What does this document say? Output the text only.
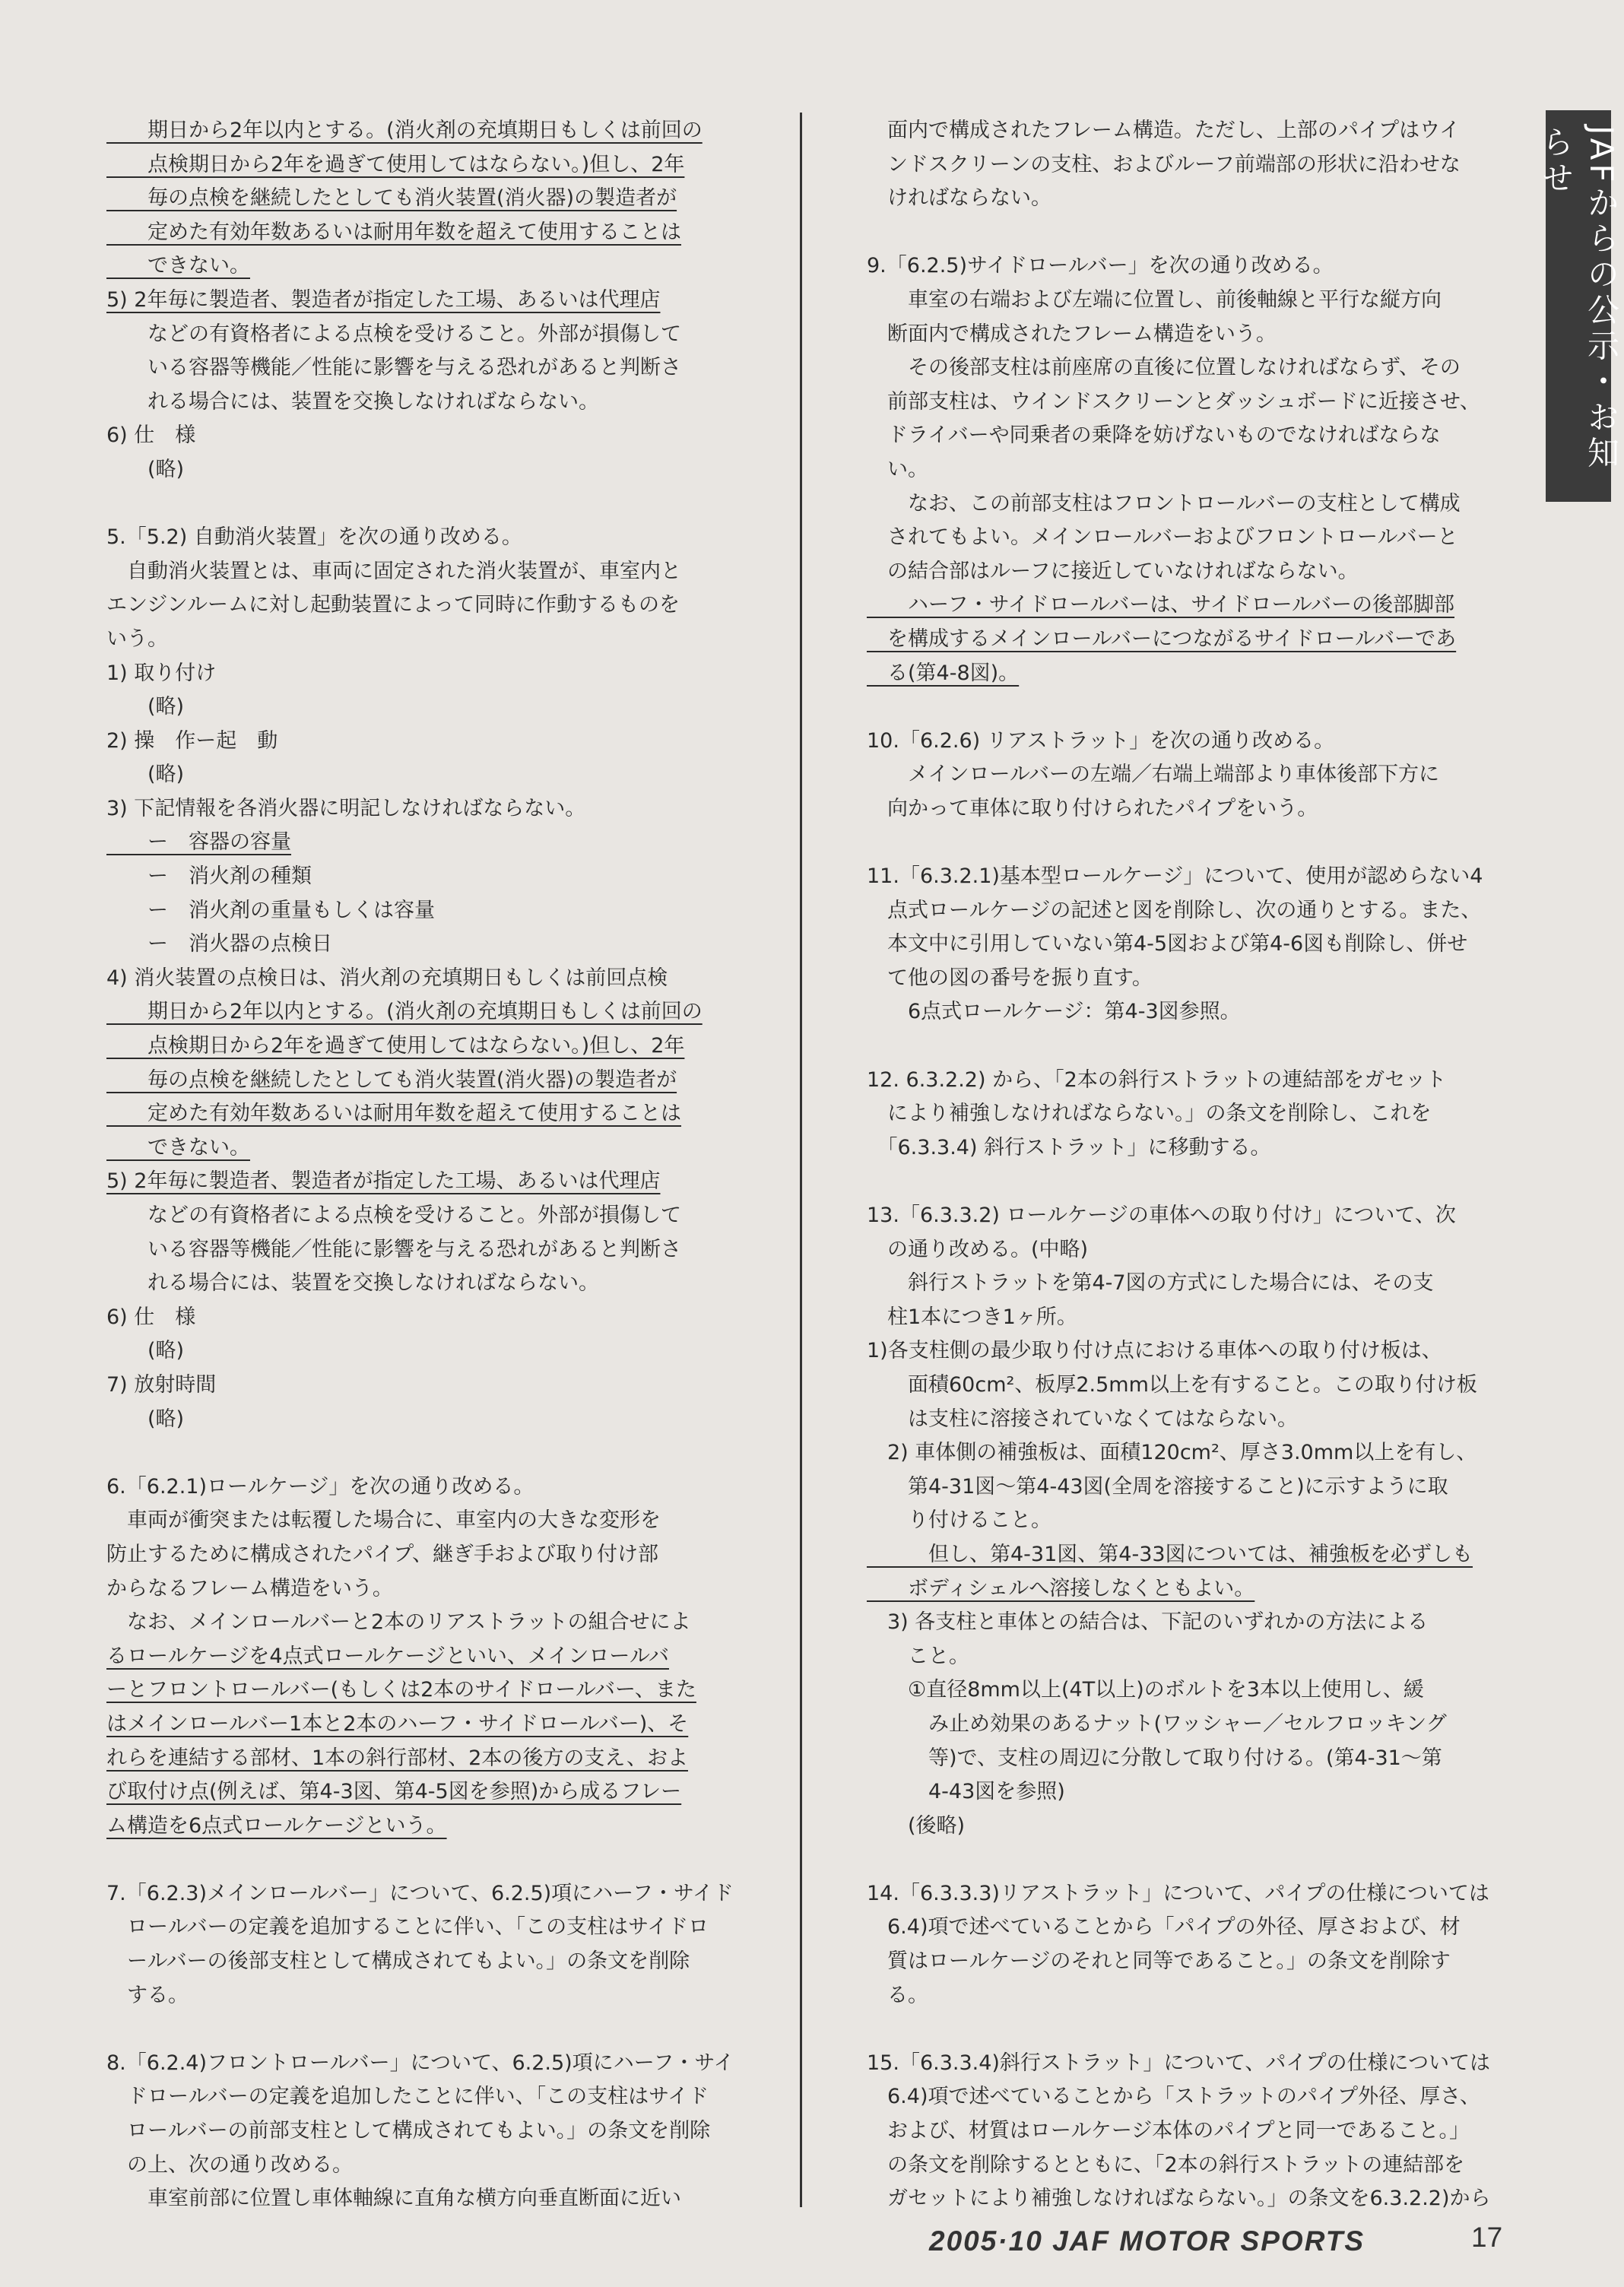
　　期日から2年以内とする。(消火剤の充填期日もしくは前回の
　　点検期日から2年を過ぎて使用してはならない。)但し、2年
　　毎の点検を継続したとしても消火装置(消火器)の製造者が
　　定めた有効年数あるいは耐用年数を超えて使用することは
　　できない。
5) 2年毎に製造者、製造者が指定した工場、あるいは代理店
　　などの有資格者による点検を受けること。外部が損傷して
　　いる容器等機能／性能に影響を与える恐れがあると判断さ
　　れる場合には、装置を交換しなければならない。
6) 仕　様
　　(略)
5.「5.2) 自動消火装置」を次の通り改める。
　自動消火装置とは、車両に固定された消火装置が、車室内と
エンジンルームに対し起動装置によって同時に作動するものを
いう。
1) 取り付け
　　(略)
2) 操　作ー起　動
　　(略)
3) 下記情報を各消火器に明記しなければならない。
　　ー　容器の容量
　　ー　消火剤の種類
　　ー　消火剤の重量もしくは容量
　　ー　消火器の点検日
4) 消火装置の点検日は、消火剤の充填期日もしくは前回点検
　　期日から2年以内とする。(消火剤の充填期日もしくは前回の
　　点検期日から2年を過ぎて使用してはならない。)但し、2年
　　毎の点検を継続したとしても消火装置(消火器)の製造者が
　　定めた有効年数あるいは耐用年数を超えて使用することは
　　できない。
5) 2年毎に製造者、製造者が指定した工場、あるいは代理店
　　などの有資格者による点検を受けること。外部が損傷して
　　いる容器等機能／性能に影響を与える恐れがあると判断さ
　　れる場合には、装置を交換しなければならない。
6) 仕　様
　　(略)
7) 放射時間
　　(略)
6.「6.2.1)ロールケージ」を次の通り改める。
　車両が衝突または転覆した場合に、車室内の大きな変形を
防止するために構成されたパイプ、継ぎ手および取り付け部
からなるフレーム構造をいう。
　なお、メインロールバーと2本のリアストラットの組合せによ
るロールケージを4点式ロールケージといい、メインロールバ
ーとフロントロールバー(もしくは2本のサイドロールバー、また
はメインロールバー1本と2本のハーフ・サイドロールバー)、そ
れらを連結する部材、1本の斜行部材、2本の後方の支え、およ
び取付け点(例えば、第4-3図、第4-5図を参照)から成るフレー
ム構造を6点式ロールケージという。
7.「6.2.3)メインロールバー」について、6.2.5)項にハーフ・サイド
　ロールバーの定義を追加することに伴い、「この支柱はサイドロ
　ールバーの後部支柱として構成されてもよい。」の条文を削除
　する。
8.「6.2.4)フロントロールバー」について、6.2.5)項にハーフ・サイ
　ドロールバーの定義を追加したことに伴い、「この支柱はサイド
　ロールバーの前部支柱として構成されてもよい。」の条文を削除
　の上、次の通り改める。
　　車室前部に位置し車体軸線に直角な横方向垂直断面に近い
　面内で構成されたフレーム構造。ただし、上部のパイプはウイ
　ンドスクリーンの支柱、およびルーフ前端部の形状に沿わせな
　ければならない。
9.「6.2.5)サイドロールバー」を次の通り改める。
　　車室の右端および左端に位置し、前後軸線と平行な縦方向
　断面内で構成されたフレーム構造をいう。
　　その後部支柱は前座席の直後に位置しなければならず、その
　前部支柱は、ウインドスクリーンとダッシュボードに近接させ、
　ドライバーや同乗者の乗降を妨げないものでなければならな
　い。
　　なお、この前部支柱はフロントロールバーの支柱として構成
　されてもよい。メインロールバーおよびフロントロールバーと
　の結合部はルーフに接近していなければならない。
　　ハーフ・サイドロールバーは、サイドロールバーの後部脚部
　を構成するメインロールバーにつながるサイドロールバーであ
　る(第4-8図)。
10.「6.2.6) リアストラット」を次の通り改める。
　　メインロールバーの左端／右端上端部より車体後部下方に
　向かって車体に取り付けられたパイプをいう。
11.「6.3.2.1)基本型ロールケージ」について、使用が認めらない4
　点式ロールケージの記述と図を削除し、次の通りとする。また、
　本文中に引用していない第4-5図および第4-6図も削除し、併せ
　て他の図の番号を振り直す。
　　6点式ロールケージ：第4-3図参照。
12. 6.3.2.2) から、「2本の斜行ストラットの連結部をガセット
　により補強しなければならない。」の条文を削除し、これを
　「6.3.3.4) 斜行ストラット」に移動する。
13.「6.3.3.2) ロールケージの車体への取り付け」について、次
　の通り改める。(中略)
　　斜行ストラットを第4-7図の方式にした場合には、その支
　柱1本につき1ヶ所。
1)各支柱側の最少取り付け点における車体への取り付け板は、
　　面積60cm²、板厚2.5mm以上を有すること。この取り付け板
　　は支柱に溶接されていなくてはならない。
　2) 車体側の補強板は、面積120cm²、厚さ3.0mm以上を有し、
　　第4-31図〜第4-43図(全周を溶接すること)に示すように取
　　り付けること。
　　　但し、第4-31図、第4-33図については、補強板を必ずしも
　　ボディシェルへ溶接しなくともよい。
　3) 各支柱と車体との結合は、下記のいずれかの方法による
　　こと。
　　①直径8mm以上(4T以上)のボルトを3本以上使用し、緩
　　　み止め効果のあるナット(ワッシャー／セルフロッキング
　　　等)で、支柱の周辺に分散して取り付ける。(第4-31〜第
　　　4-43図を参照)
　　(後略)
14.「6.3.3.3)リアストラット」について、パイプの仕様については
　6.4)項で述べていることから「パイプの外径、厚さおよび、材
　質はロールケージのそれと同等であること。」の条文を削除す
　る。
15.「6.3.3.4)斜行ストラット」について、パイプの仕様については
　6.4)項で述べていることから「ストラットのパイプ外径、厚さ、
　および、材質はロールケージ本体のパイプと同一であること。」
　の条文を削除するとともに、「2本の斜行ストラットの連結部を
　ガセットにより補強しなければならない。」の条文を6.3.2.2)から
JAFからの公示・お知らせ
2005·10 JAF MOTOR SPORTS	17
